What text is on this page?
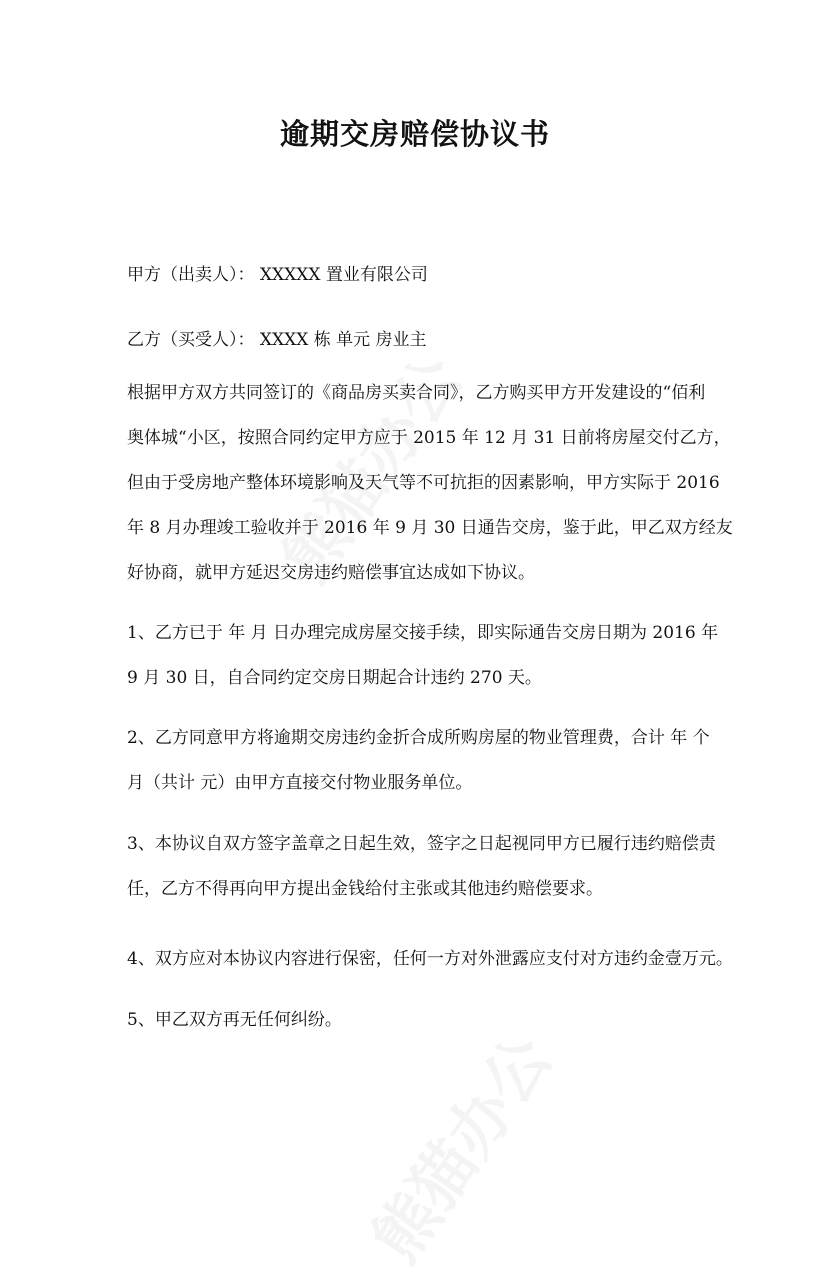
逾期交房赔偿协议书
甲方（出卖人）： XXXXX 置业有限公司
乙方（买受人）： XXXX 栋 单元 房业主

根据甲方双方共同签订的《商品房买卖合同》，乙方购买甲方开发建设的“佰利

奥体城“小区，按照合同约定甲方应于 2015 年 12 月 31 日前将房屋交付乙方，

但由于受房地产整体环境影响及天气等不可抗拒的因素影响，甲方实际于 2016

年 8 月办理竣工验收并于 2016 年 9 月 30 日通告交房，鉴于此，甲乙双方经友

好协商，就甲方延迟交房违约赔偿事宜达成如下协议。

1、乙方已于 年 月 日办理完成房屋交接手续，即实际通告交房日期为 2016 年

9 月 30 日，自合同约定交房日期起合计违约 270 天。

2、乙方同意甲方将逾期交房违约金折合成所购房屋的物业管理费，合计 年 个

月（共计 元）由甲方直接交付物业服务单位。

3、本协议自双方签字盖章之日起生效，签字之日起视同甲方已履行违约赔偿责

任，乙方不得再向甲方提出金钱给付主张或其他违约赔偿要求。

4、双方应对本协议内容进行保密，任何一方对外泄露应支付对方违约金壹万元。
5、甲乙双方再无任何纠纷。
